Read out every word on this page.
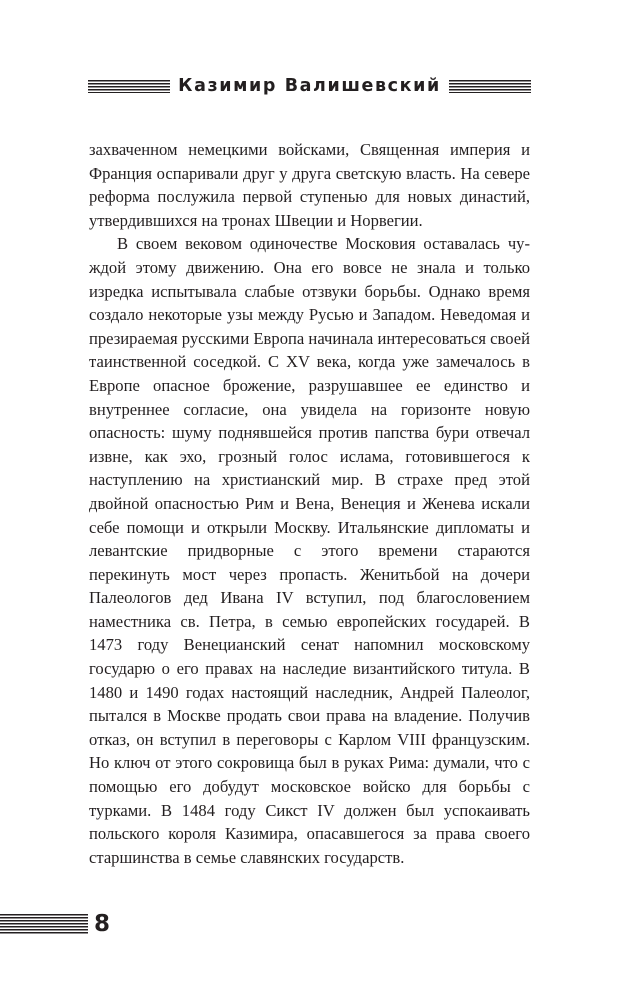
Казимир Валишевский

захваченном немецкими войсками, Священная империя и Франция оспаривали друг у друга светскую власть. На севере реформа послужила первой ступенью для новых династий, утвердившихся на тронах Швеции и Норвегии.

В своем вековом одиночестве Московия оставалась чуждой этому движению. Она его вовсе не знала и только изредка испытывала слабые отзвуки борьбы. Однако время создало некоторые узы между Русью и Западом. Неведомая и презираемая русскими Европа начинала интересоваться своей таинственной соседкой. С XV века, когда уже замечалось в Европе опасное брожение, разрушавшее ее единство и внутреннее согласие, она увидела на горизонте новую опасность: шуму поднявшейся против папства бури отвечал извне, как эхо, грозный голос ислама, готовившегося к наступлению на христианский мир. В страхе пред этой двойной опасностью Рим и Вена, Венеция и Женева искали себе помощи и открыли Москву. Итальянские дипломаты и левантские придворные с этого времени стараются перекинуть мост через пропасть. Женитьбой на дочери Палеологов дед Ивана IV вступил, под благословением наместника св. Петра, в семью европейских государей. В 1473 году Венецианский сенат напомнил московскому государю о его правах на наследие византийского титула. В 1480 и 1490 годах настоящий наследник, Андрей Палеолог, пытался в Москве продать свои права на владение. Получив отказ, он вступил в переговоры с Карлом VIII французским. Но ключ от этого сокровища был в руках Рима: думали, что с помощью его добудут московское войско для борьбы с турками. В 1484 году Сикст IV должен был успокаивать польского короля Казимира, опасавшегося за права своего старшинства в семье славянских государств.

8
